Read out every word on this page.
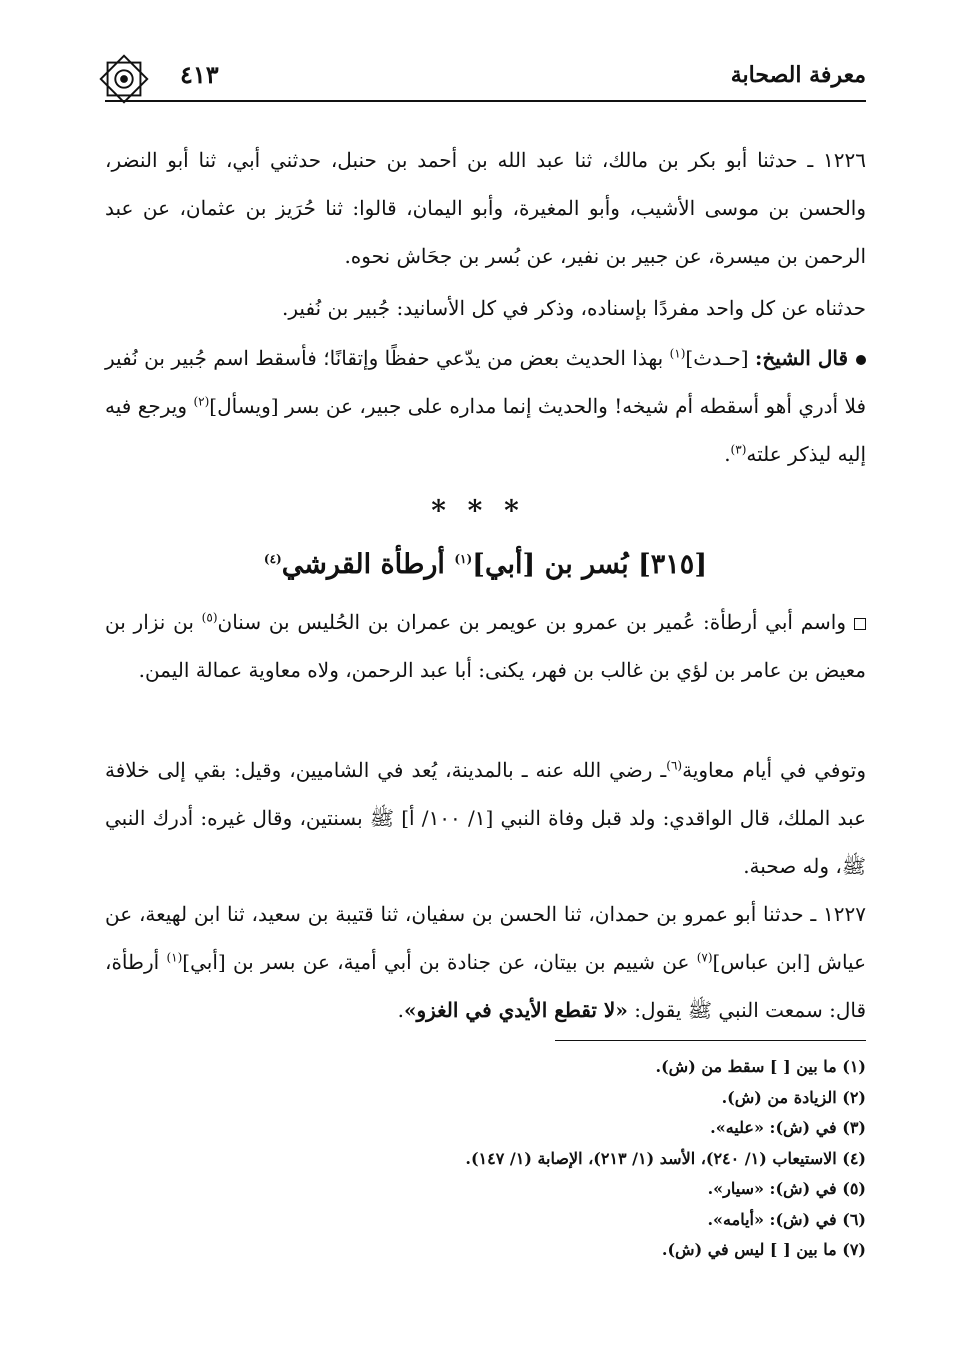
معرفة الصحابة
٤١٣

١٢٢٦ ـ حدثنا أبو بكر بن مالك، ثنا عبد الله بن أحمد بن حنبل، حدثني أبي، ثنا أبو النضر، والحسن بن موسى الأشيب، وأبو المغيرة، وأبو اليمان، قالوا: ثنا حُرَيز بن عثمان، عن عبد الرحمن بن ميسرة، عن جبير بن نفير، عن بُسر بن جحَاش نحوه.

حدثناه عن كل واحد مفردًا بإسناده، وذكر في كل الأسانيد: جُبير بن نُفير.

قال الشيخ: [حـدث]$^{(١)}$ بهذا الحديث بعض من يدّعي حفظًا وإتقانًا؛ فأسقط اسم جُبير بن نُفير فلا أدري أهو أسقطه أم شيخه! والحديث إنما مداره على جبير، عن بسر [ويسأل]$^{(٢)}$ ويرجع فيه إليه ليذكر علته$^{(٣)}$.

* * *
[٣١٥] بُسر بن [أبي]$^{(١)}$ أرطأة القرشي$^{(٤)}$

واسم أبي أرطأة: عُمير بن عمرو بن عويمر بن عمران بن الحُليس بن سنان$^{(٥)}$ بن نزار بن معيض بن عامر بن لؤي بن غالب بن فهر، يكنى: أبا عبد الرحمن، ولاه معاوية عمالة اليمن.

وتوفي في أيام معاوية$^{(٦)}$ـ رضي الله عنه ـ بالمدينة، يُعد في الشاميين، وقيل: بقي إلى خلافة عبد الملك، قال الواقدي: ولد قبل وفاة النبي [١/ ١٠٠/ أ] ﷺ بسنتين، وقال غيره: أدرك النبي ﷺ، وله صحبة.

١٢٢٧ ـ حدثنا أبو عمرو بن حمدان، ثنا الحسن بن سفيان، ثنا قتيبة بن سعيد، ثنا ابن لهيعة، عن عياش [ابن عباس]$^{(٧)}$ عن شييم بن بيتان، عن جنادة بن أبي أمية، عن بسر بن [أبي]$^{(١)}$ أرطأة، قال: سمعت النبي ﷺ يقول: «لا تقطع الأيدي في الغزو».

(١) ما بين [ ] سقط من (ش).
(٢) الزيادة من (ش).
(٣) في (ش): «عليه».
(٤) الاستيعاب (١/ ٢٤٠)، الأسد (١/ ٢١٣)، الإصابة (١/ ١٤٧).
(٥) في (ش): «سيار».
(٦) في (ش): «أيامه».
(٧) ما بين [ ] ليس في (ش).
